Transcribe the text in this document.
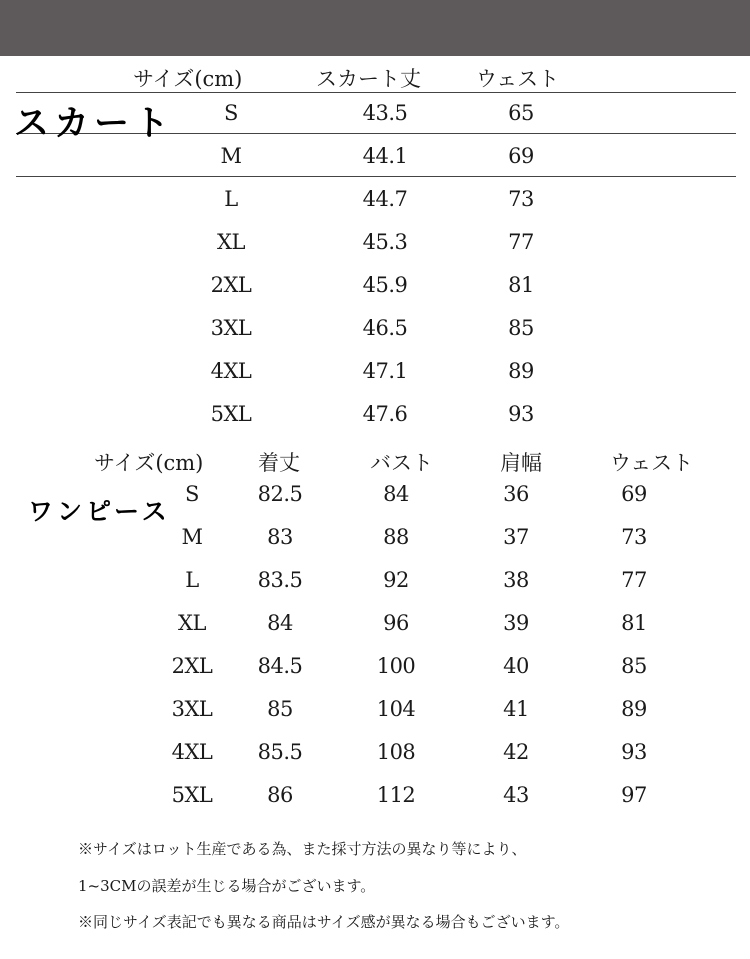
サイズ(cm)	スカート丈	ウェスト
スカート S	43.5	65
M	44.1	69
L	44.7	73
XL	45.3	77
2XL	45.9	81
3XL	46.5	85
4XL	47.1	89
5XL	47.6	93
サイズ(cm)	着丈	バスト	肩幅	ウェスト
ワンピース
S	82.5	84	36	69
M	83	88	37	73
L	83.5	92	38	77
XL	84	96	39	81
2XL 84.5	100	40	85
3XL	85	104	41	89
4XL 85.5	108	42	93
5XL	86	112	43	97
※サイズはロット生産である為、また採寸方法の異なり等により、
1~3CMの誤差が生じる場合がございます。
※同じサイズ表記でも異なる商品はサイズ感が異なる場合もございます。
